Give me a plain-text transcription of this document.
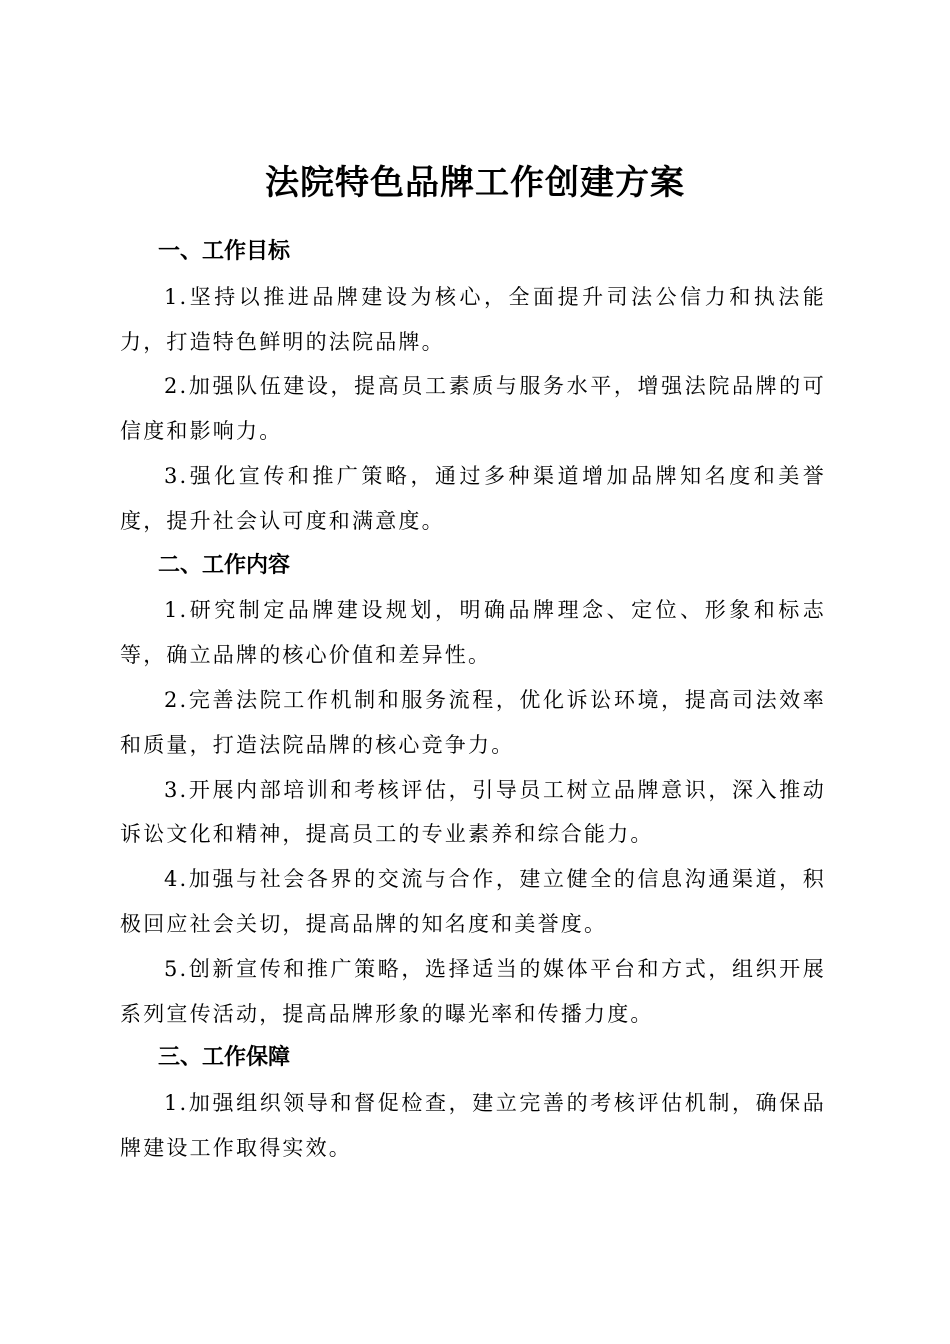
法院特色品牌工作创建方案
一、工作目标

1.坚持以推进品牌建设为核心，全面提升司法公信力和执法能力，打造特色鲜明的法院品牌。

2.加强队伍建设，提高员工素质与服务水平，增强法院品牌的可信度和影响力。

3.强化宣传和推广策略，通过多种渠道增加品牌知名度和美誉度，提升社会认可度和满意度。

二、工作内容

1.研究制定品牌建设规划，明确品牌理念、定位、形象和标志等，确立品牌的核心价值和差异性。

2.完善法院工作机制和服务流程，优化诉讼环境，提高司法效率和质量，打造法院品牌的核心竞争力。

3.开展内部培训和考核评估，引导员工树立品牌意识，深入推动诉讼文化和精神，提高员工的专业素养和综合能力。

4.加强与社会各界的交流与合作，建立健全的信息沟通渠道，积极回应社会关切，提高品牌的知名度和美誉度。

5.创新宣传和推广策略，选择适当的媒体平台和方式，组织开展系列宣传活动，提高品牌形象的曝光率和传播力度。

三、工作保障

1.加强组织领导和督促检查，建立完善的考核评估机制，确保品牌建设工作取得实效。
